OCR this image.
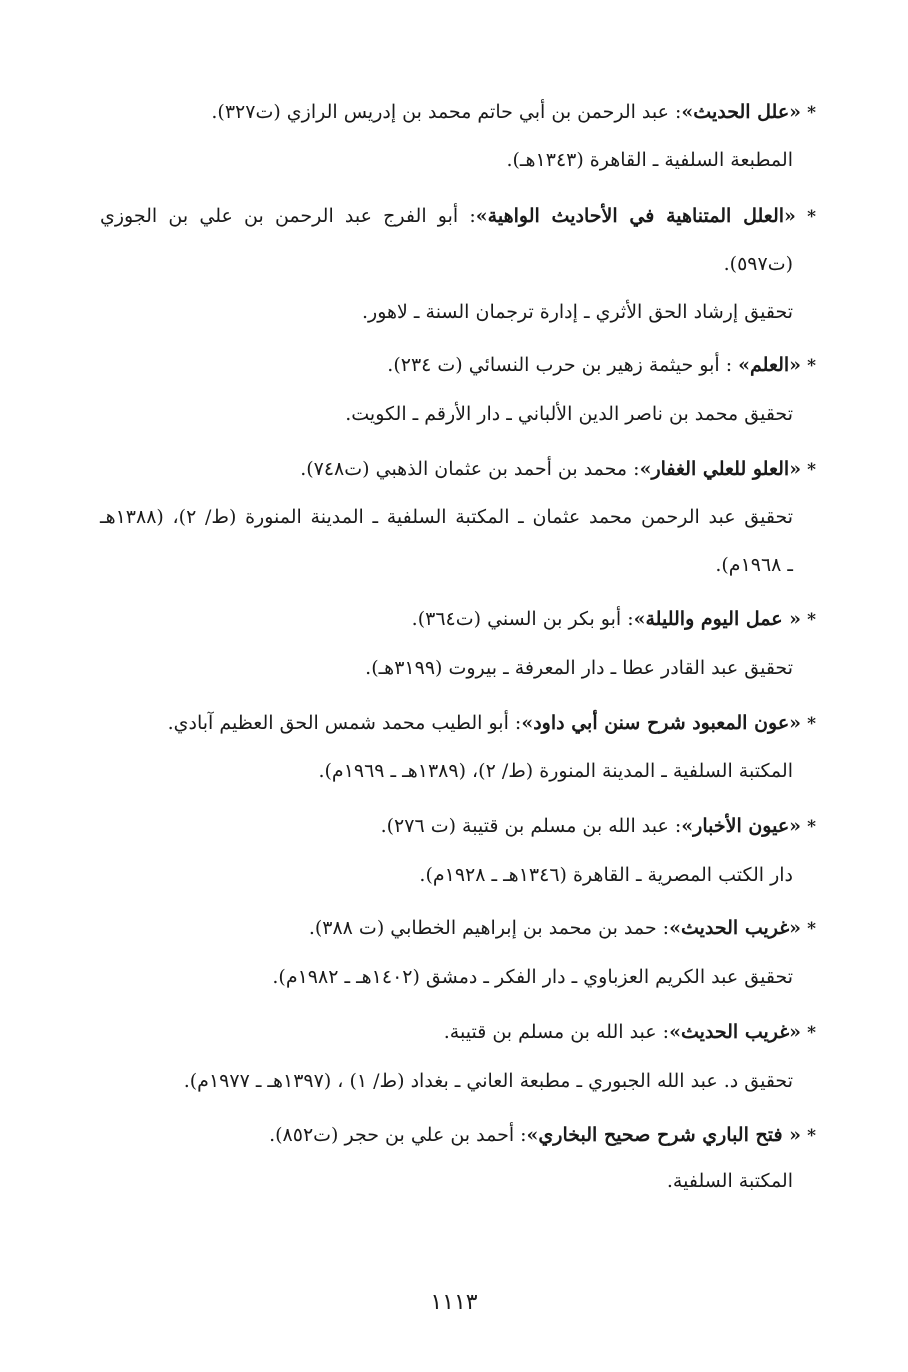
* «علل الحديث»: عبد الرحمن بن أبي حاتم محمد بن إدريس الرازي (ت٣٢٧).
المطبعة السلفية ـ القاهرة (١٣٤٣هـ).
* «العلل المتناهية في الأحاديث الواهية»: أبو الفرج عبد الرحمن بن علي بن الجوزي
(ت٥٩٧).
تحقيق إرشاد الحق الأثري ـ إدارة ترجمان السنة ـ لاهور.
* «العلم» : أبو حيثمة زهير بن حرب النسائي (ت ٢٣٤).
تحقيق محمد بن ناصر الدين الألباني ـ دار الأرقم ـ الكويت.
* «العلو للعلي الغفار»: محمد بن أحمد بن عثمان الذهبي (ت٧٤٨).
تحقيق عبد الرحمن محمد عثمان ـ المكتبة السلفية ـ المدينة المنورة (ط/ ٢)، (١٣٨٨هـ
ـ ١٩٦٨م).
* « عمل اليوم والليلة»: أبو بكر بن السني (ت٣٦٤).
تحقيق عبد القادر عطا ـ دار المعرفة ـ بيروت (٣١٩٩هـ).
* «عون المعبود شرح سنن أبي داود»: أبو الطيب محمد شمس الحق العظيم آبادي.
المكتبة السلفية ـ المدينة المنورة (ط/ ٢)، (١٣٨٩هـ ـ ١٩٦٩م).
* «عيون الأخبار»: عبد الله بن مسلم بن قتيبة (ت ٢٧٦).
دار الكتب المصرية ـ القاهرة (١٣٤٦هـ ـ ١٩٢٨م).
* «غريب الحديث»: حمد بن محمد بن إبراهيم الخطابي (ت ٣٨٨).
تحقيق عبد الكريم العزباوي ـ دار الفكر ـ دمشق (١٤٠٢هـ ـ ١٩٨٢م).
* «غريب الحديث»: عبد الله بن مسلم بن قتيبة.
تحقيق د. عبد الله الجبوري ـ مطبعة العاني ـ بغداد (ط/ ١) ، (١٣٩٧هـ ـ ١٩٧٧م).
* « فتح الباري شرح صحيح البخاري»: أحمد بن علي بن حجر (ت٨٥٢).
المكتبة السلفية.
١١١٣
